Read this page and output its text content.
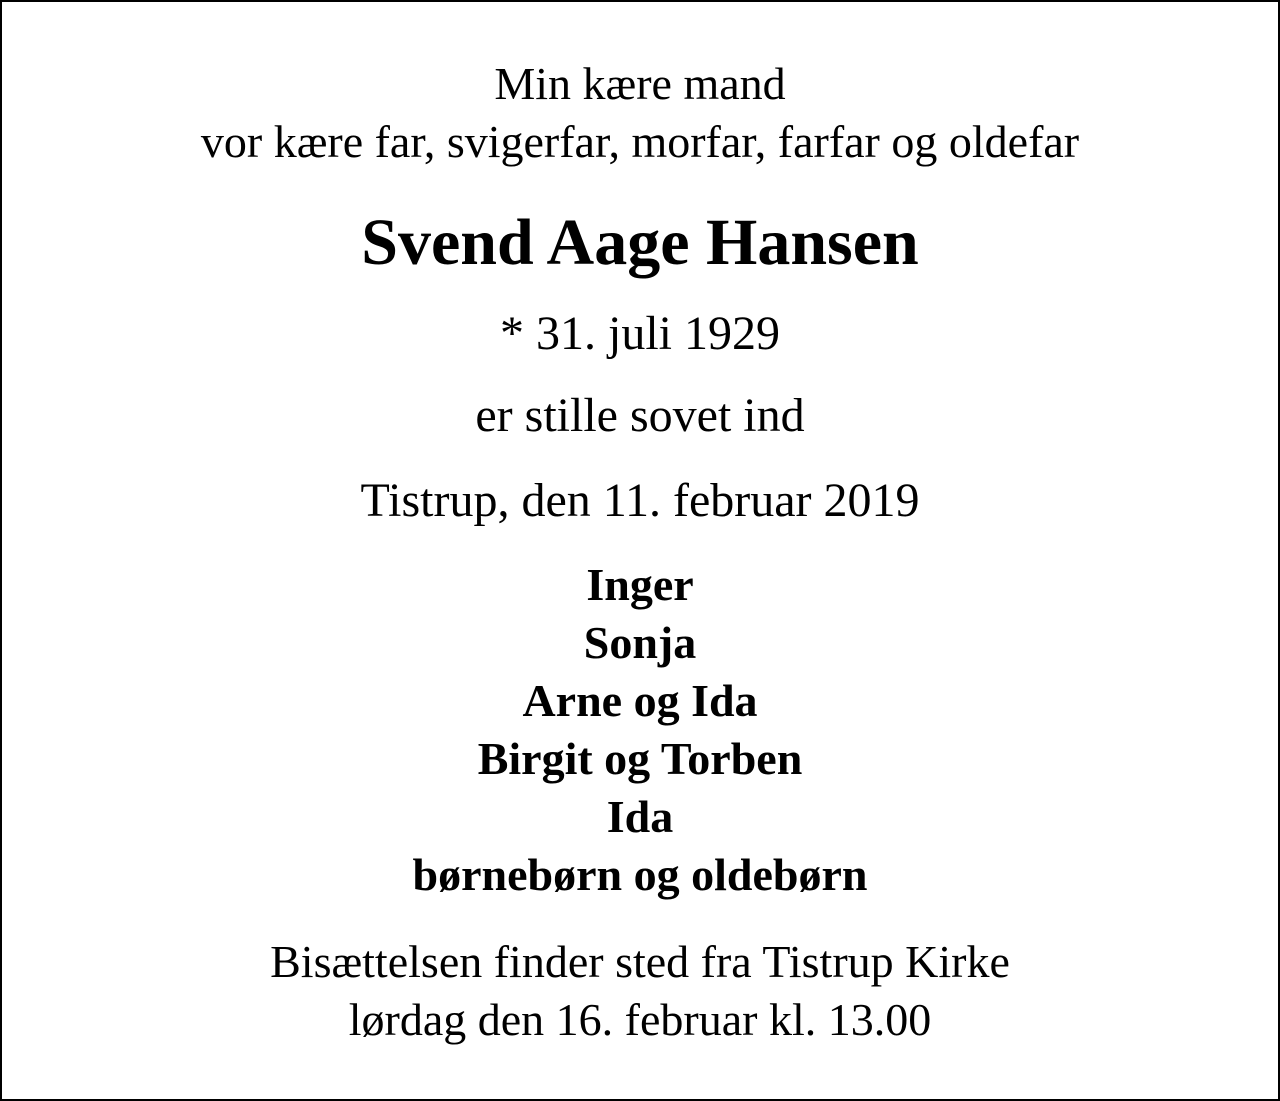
Min kære mand
vor kære far, svigerfar, morfar, farfar og oldefar
Svend Aage Hansen
* 31. juli 1929
er stille sovet ind
Tistrup, den 11. februar 2019
Inger
Sonja
Arne og Ida
Birgit og Torben
Ida
børnebørn og oldebørn
Bisættelsen finder sted fra Tistrup Kirke
lørdag den 16. februar kl. 13.00
